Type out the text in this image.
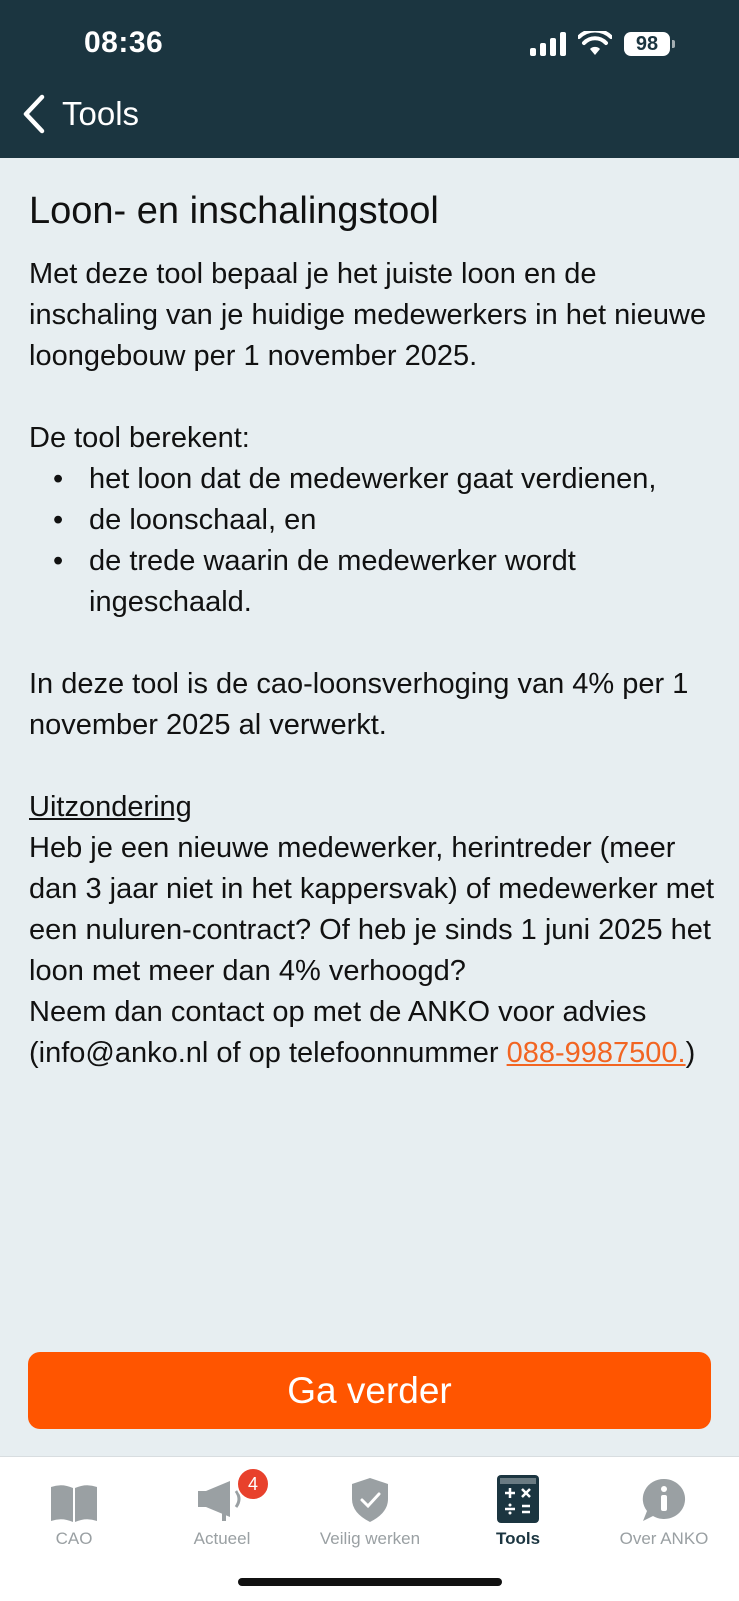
08:36	98
Tools
Loon- en inschalingstool

Met deze tool bepaal je het juiste loon en de inschaling van je huidige medewerkers in het nieuwe loongebouw per 1 november 2025.

De tool berekent:

• het loon dat de medewerker gaat verdienen,
• de loonschaal, en
• de trede waarin de medewerker wordt ingeschaald.

In deze tool is de cao-loonsverhoging van 4% per 1 november 2025 al verwerkt.

Uitzondering

Heb je een nieuwe medewerker, herintreder (meer dan 3 jaar niet in het kappersvak) of medewerker met een nuluren-contract? Of heb je sinds 1 juni 2025 het loon met meer dan 4% verhoogd?

Neem dan contact op met de ANKO voor advies (info@anko.nl of op telefoonnummer 088-9987500.)

Ga verder
CAO
4
Actueel	Veilig werken	Tools	Over ANKO
